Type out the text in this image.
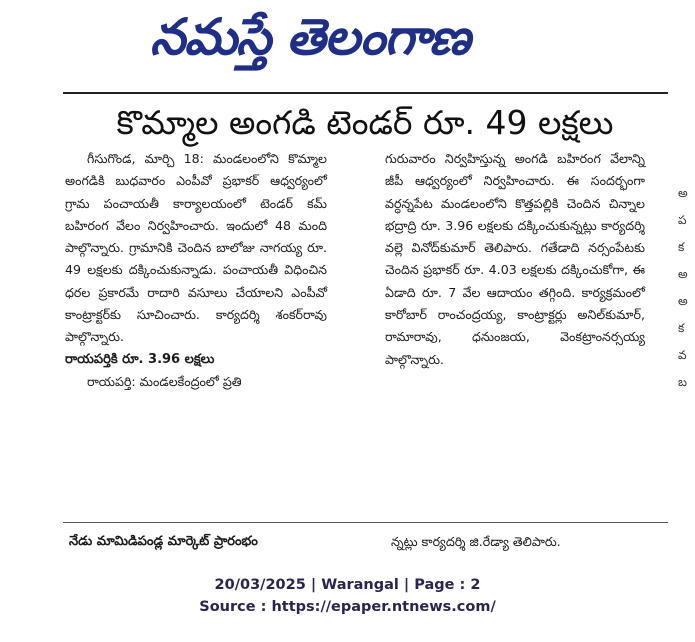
నమస్తే తెలంగాణ
కొమ్మాల అంగడి టెండర్ రూ. 49 లక్షలు

గీసుగొండ, మార్చి 18: మండలంలోని కొమ్మాల అంగడికి బుధవారం ఎంపీవో ప్రభాకర్ ఆధ్వర్యంలో గ్రామ పంచాయతీ కార్యాలయంలో టెండర్ కమ్ బహిరంగ వేలం నిర్వహించారు. ఇందులో 48 మంది పాల్గొన్నారు. గ్రామానికి చెందిన బాలోజు నాగయ్య రూ. 49 లక్షలకు దక్కించుకున్నాడు. పంచాయతీ విధించిన ధరల ప్రకారమే రాదారి వసూలు చేయాలని ఎంపీవో కాంట్రాక్టర్‌కు సూచించారు. కార్యదర్శి శంకర్‌రావు పాల్గొన్నారు.

రాయపర్తికి రూ. 3.96 లక్షలు

రాయపర్తి: మండలకేంద్రంలో ప్రతి

గురువారం నిర్వహిస్తున్న అంగడి బహిరంగ వేలాన్ని జీపీ ఆధ్వర్యంలో నిర్వహించారు. ఈ సందర్భంగా వర్ధన్నపేట మండలంలోని కొత్తపల్లికి చెందిన చిన్నాల భద్రాద్రి రూ. 3.96 లక్షలకు దక్కించుకున్నట్లు కార్యదర్శి వల్లె వినోద్‌కుమార్ తెలిపారు. గతేడాది నర్సంపేటకు చెందిన ప్రభాకర్ రూ. 4.03 లక్షలకు దక్కించుకోగా, ఈ ఏడాది రూ. 7 వేల ఆదాయం తగ్గింది. కార్యక్రమంలో కారోబార్ రాంచంద్రయ్య, కాంట్రాక్టర్లు అనిల్‌కుమార్, రామారావు, ధనుంజయ, వెంకట్రాంనర్సయ్య పాల్గొన్నారు.

నేడు మామిడిపండ్ల మార్కెట్ ప్రారంభం	న్నట్లు కార్యదర్శి జి.రేడ్యా తెలిపారు.
అ ప క అ అ క వ బ
20/03/2025 | Warangal | Page : 2
Source : https://epaper.ntnews.com/
